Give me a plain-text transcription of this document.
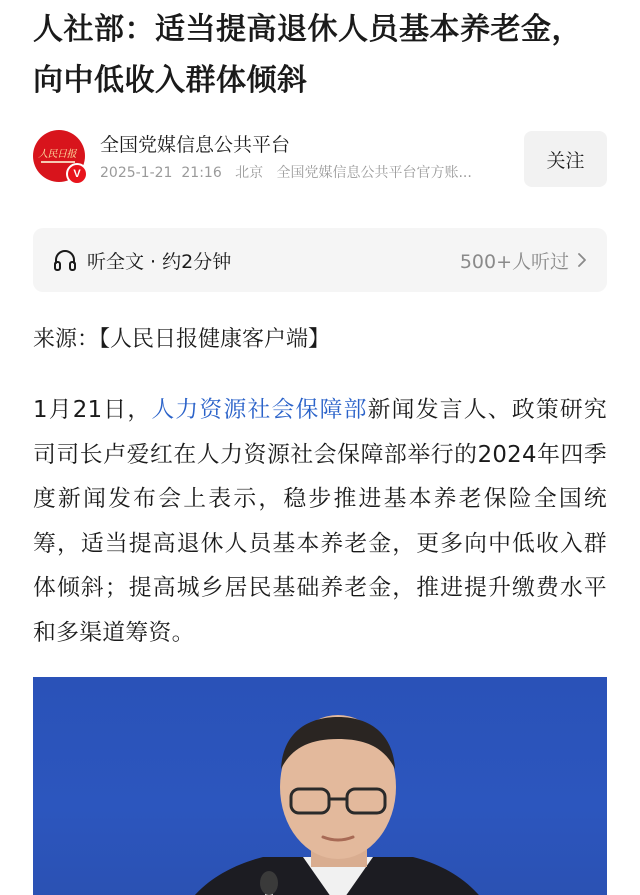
人社部：适当提高退休人员基本养老金，向中低收入群体倾斜
人民日报
V
全国党媒信息公共平台
2025-1-21 21:16 北京 全国党媒信息公共平台官方账...
关注
听全文 · 约2分钟	500+人听过

来源：【人民日报健康客户端】

1月21日，人力资源社会保障部新闻发言人、政策研究司司长卢爱红在人力资源社会保障部举行的2024年四季度新闻发布会上表示，稳步推进基本养老保险全国统筹，适当提高退休人员基本养老金，更多向中低收入群体倾斜；提高城乡居民基础养老金，推进提升缴费水平和多渠道筹资。
